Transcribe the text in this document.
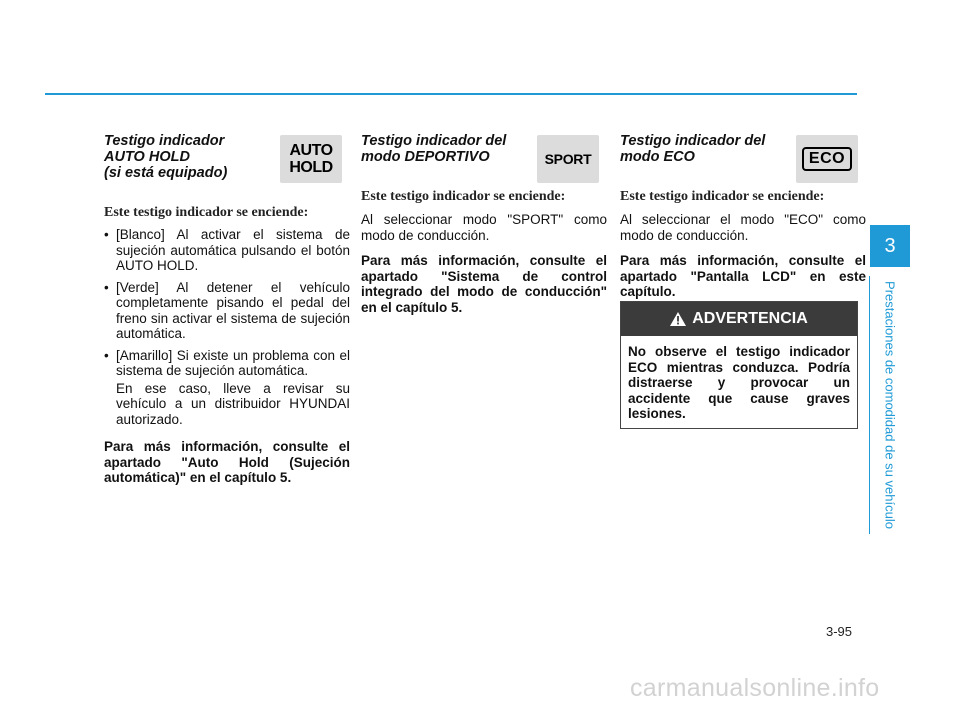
Testigo indicador
AUTO HOLD
(si está equipado)
AUTO
HOLD
Este testigo indicador se enciende:
• [Blanco] Al activar el sistema de sujeción automática pulsando el botón AUTO HOLD.
• [Verde] Al detener el vehículo completamente pisando el pedal del freno sin activar el sistema de sujeción automática.
• [Amarillo] Si existe un problema con el sistema de sujeción automática.
En ese caso, lleve a revisar su vehículo a un distribuidor HYUNDAI autorizado.
Para más información, consulte el apartado "Auto Hold (Sujeción automática)" en el capítulo 5.
Testigo indicador del
modo DEPORTIVO	SPORT
Este testigo indicador se enciende:
Al seleccionar modo "SPORT" como modo de conducción.
Para más información, consulte el apartado "Sistema de control integrado del modo de conducción" en el capítulo 5.
Testigo indicador del
modo ECO	ECO
Este testigo indicador se enciende:
Al seleccionar el modo "ECO" como modo de conducción.
Para más información, consulte el apartado "Pantalla LCD" en este capítulo.
ADVERTENCIA
No observe el testigo indicador ECO mientras conduzca. Podría distraerse y provocar un accidente que cause graves lesiones.
3
Prestaciones de comodidad de su vehículo
3-95
carmanualsonline.info
